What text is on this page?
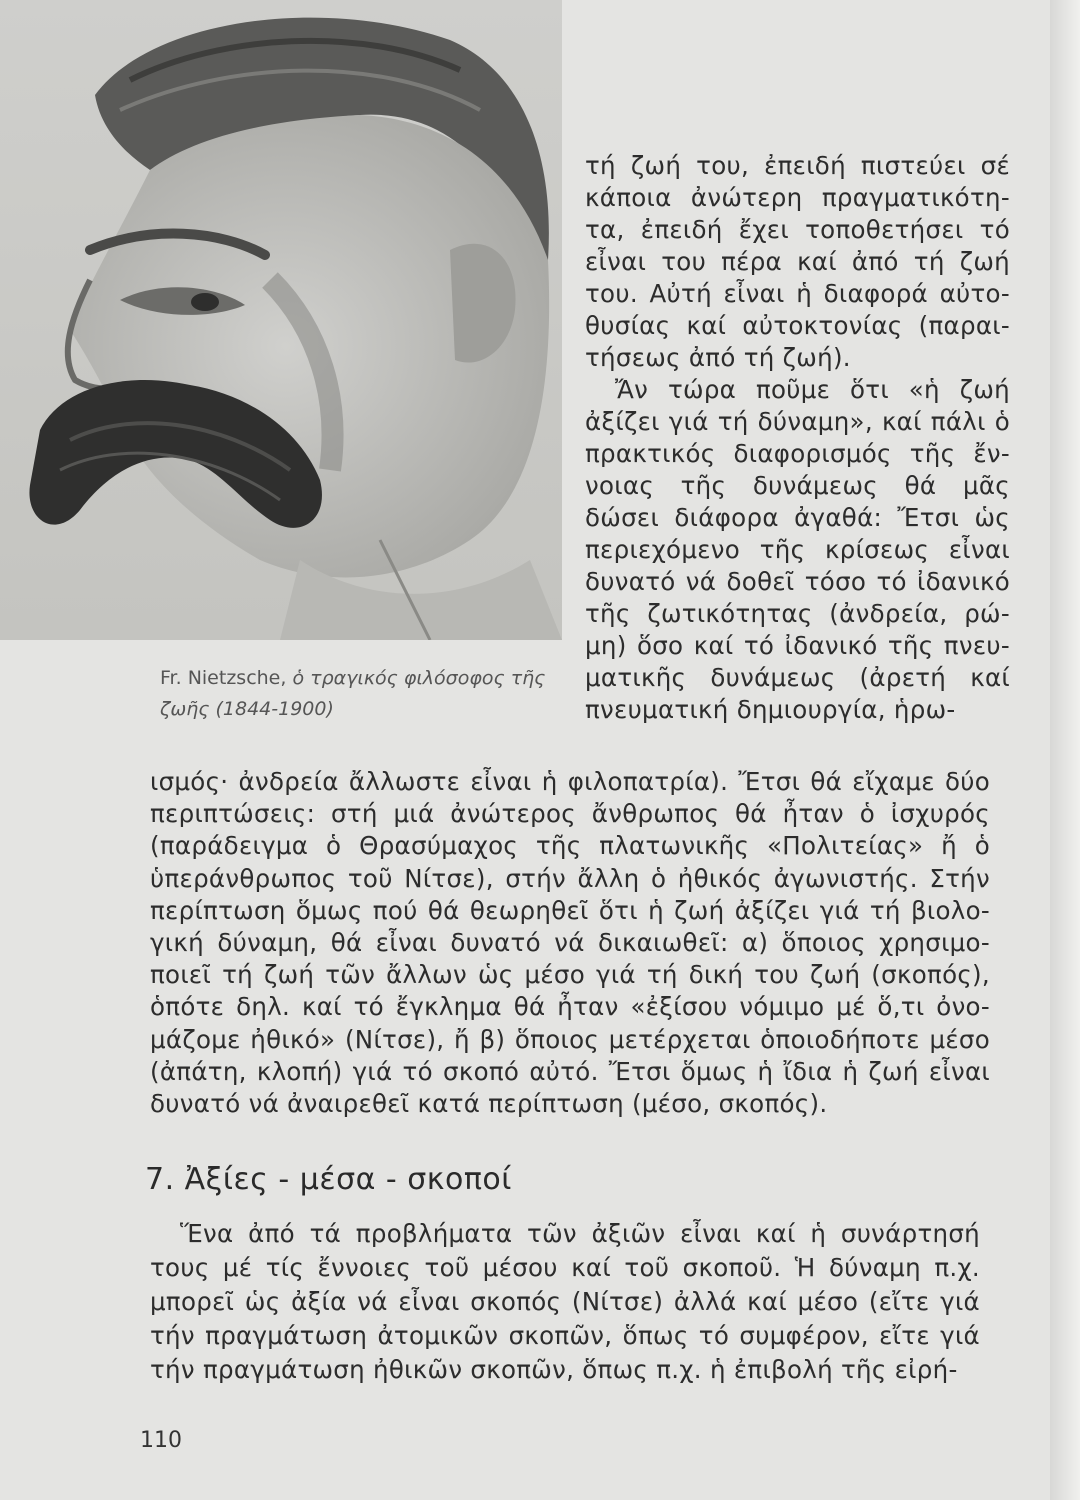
Fr. Nietzsche, ὁ τραγικός φιλόσοφος τῆς ζωῆς (1844-1900)

τή ζωή του, ἐπειδή πιστεύει σέ κάποια ἀνώτερη πραγματικότη-τα, ἐπειδή ἔχει τοποθετήσει τό εἶναι του πέρα καί ἀπό τή ζωή του. Αὐτή εἶναι ἡ διαφορά αὐτο-θυσίας καί αὐτοκτονίας (παραι-τήσεως ἀπό τή ζωή).

Ἄν τώρα ποῦμε ὅτι «ἡ ζωή ἀξίζει γιά τή δύναμη», καί πάλι ὁ πρακτικός διαφορισμός τῆς ἔν-νοιας τῆς δυνάμεως θά μᾶς δώσει διάφορα ἀγαθά: Ἔτσι ὡς περιεχόμενο τῆς κρίσεως εἶναι δυνατό νά δοθεῖ τόσο τό ἰδανικό τῆς ζωτικότητας (ἀνδρεία, ρώ-μη) ὅσο καί τό ἰδανικό τῆς πνευ-ματικῆς δυνάμεως (ἀρετή καί πνευματική δημιουργία, ἡρω-

ισμός· ἀνδρεία ἄλλωστε εἶναι ἡ φιλοπατρία). Ἔτσι θά εἴχαμε δύο περιπτώσεις: στή μιά ἀνώτερος ἄνθρωπος θά ἦταν ὁ ἰσχυρός (παράδειγμα ὁ Θρασύμαχος τῆς πλατωνικῆς «Πολιτείας» ἤ ὁ ὑπεράνθρωπος τοῦ Νίτσε), στήν ἄλλη ὁ ἠθικός ἀγωνιστής. Στήν περίπτωση ὅμως πού θά θεωρηθεῖ ὅτι ἡ ζωή ἀξίζει γιά τή βιολο-γική δύναμη, θά εἶναι δυνατό νά δικαιωθεῖ: α) ὅποιος χρησιμο-ποιεῖ τή ζωή τῶν ἄλλων ὡς μέσο γιά τή δική του ζωή (σκοπός), ὁπότε δηλ. καί τό ἔγκλημα θά ἦταν «ἐξίσου νόμιμο μέ ὅ,τι ὀνο-μάζομε ἠθικό» (Νίτσε), ἤ β) ὅποιος μετέρχεται ὁποιοδήποτε μέσο (ἀπάτη, κλοπή) γιά τό σκοπό αὐτό. Ἔτσι ὅμως ἡ ἴδια ἡ ζωή εἶναι δυνατό νά ἀναιρεθεῖ κατά περίπτωση (μέσο, σκοπός).

7. Ἀξίες - μέσα - σκοποί

Ἕνα ἀπό τά προβλήματα τῶν ἀξιῶν εἶναι καί ἡ συνάρτησή τους μέ τίς ἔννοιες τοῦ μέσου καί τοῦ σκοποῦ. Ἡ δύναμη π.χ. μπορεῖ ὡς ἀξία νά εἶναι σκοπός (Νίτσε) ἀλλά καί μέσο (εἴτε γιά τήν πραγμάτωση ἀτομικῶν σκοπῶν, ὅπως τό συμφέρον, εἴτε γιά τήν πραγμάτωση ἠθικῶν σκοπῶν, ὅπως π.χ. ἡ ἐπιβολή τῆς εἰρή-

110
